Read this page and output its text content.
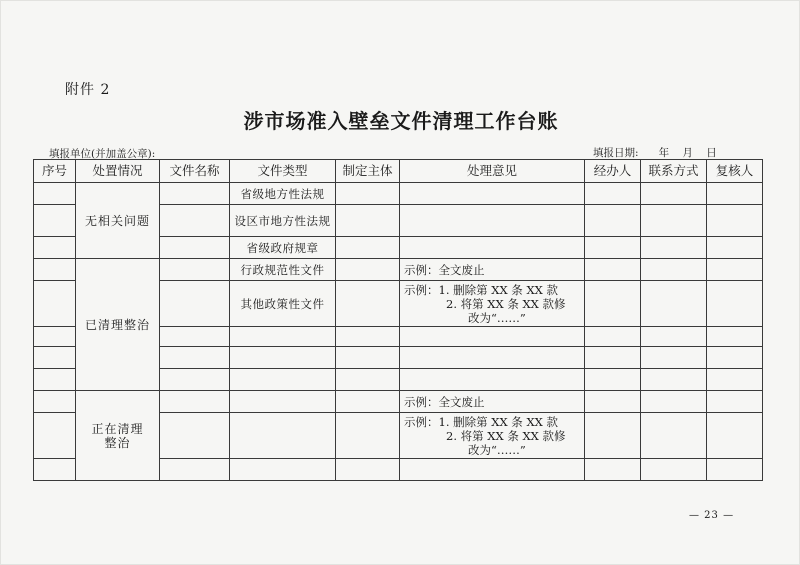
附件 2
涉市场准入壁垒文件清理工作台账
填报单位(并加盖公章):	填报日期:      年    月    日
序号	处置情况	文件名称	文件类型	制定主体	处理意见	经办人	联系方式	复核人
	无相关问题		省级地方性法规					
			设区市地方性法规					
			省级政府规章					
	已清理整治		行政规范性文件		示例：全文废止			

			其他政策性文件		示例：1. 删除第 XX 条 XX 款
2. 将第 XX 条 XX 款修
改为“……”			

	正在清理整治				示例：全文废止			

					示例：1. 删除第 XX 条 XX 款
2. 将第 XX 条 XX 款修
改为“……”			

— 23 —
